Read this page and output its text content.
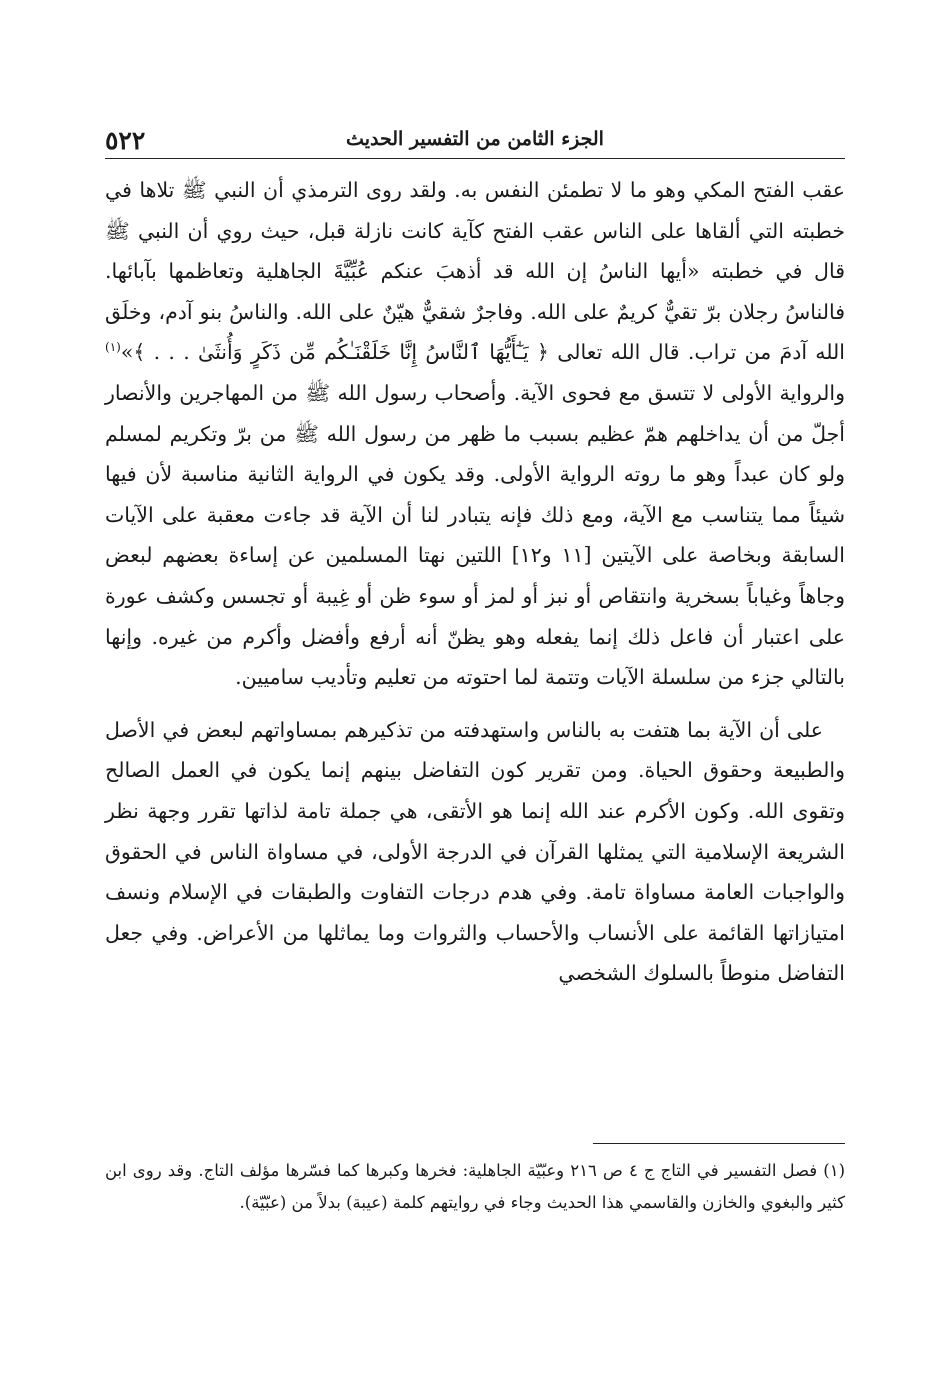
٥٢٢	الجزء الثامن من التفسير الحديث

عقب الفتح المكي وهو ما لا تطمئن النفس به. ولقد روى الترمذي أن النبي ﷺ تلاها في خطبته التي ألقاها على الناس عقب الفتح كآية كانت نازلة قبل، حيث روي أن النبي ﷺ قال في خطبته «أيها الناسُ إن الله قد أذهبَ عنكم عُبِّيَّةَ الجاهلية وتعاظمها بآبائها. فالناسُ رجلان برّ تقيٌّ كريمٌ على الله. وفاجرٌ شقيٌّ هيّنٌ على الله. والناسُ بنو آدم، وخلَق الله آدمَ من تراب. قال الله تعالى ﴿ يَـٰٓأَيُّهَا ٱلنَّاسُ إِنَّا خَلَقْنَـٰكُم مِّن ذَكَرٍ وَأُنثَىٰ . . . ﴾»$^{(١)}$ والرواية الأولى لا تتسق مع فحوى الآية. وأصحاب رسول الله ﷺ من المهاجرين والأنصار أجلّ من أن يداخلهم همّ عظيم بسبب ما ظهر من رسول الله ﷺ من برّ وتكريم لمسلم ولو كان عبداً وهو ما روته الرواية الأولى. وقد يكون في الرواية الثانية مناسبة لأن فيها شيئاً مما يتناسب مع الآية، ومع ذلك فإنه يتبادر لنا أن الآية قد جاءت معقبة على الآيات السابقة وبخاصة على الآيتين [١١ و١٢] اللتين نهتا المسلمين عن إساءة بعضهم لبعض وجاهاً وغياباً بسخرية وانتقاص أو نبز أو لمز أو سوء ظن أو غِيبة أو تجسس وكشف عورة على اعتبار أن فاعل ذلك إنما يفعله وهو يظنّ أنه أرفع وأفضل وأكرم من غيره. وإنها بالتالي جزء من سلسلة الآيات وتتمة لما احتوته من تعليم وتأديب ساميين.

على أن الآية بما هتفت به بالناس واستهدفته من تذكيرهم بمساواتهم لبعض في الأصل والطبيعة وحقوق الحياة. ومن تقرير كون التفاضل بينهم إنما يكون في العمل الصالح وتقوى الله. وكون الأكرم عند الله إنما هو الأتقى، هي جملة تامة لذاتها تقرر وجهة نظر الشريعة الإسلامية التي يمثلها القرآن في الدرجة الأولى، في مساواة الناس في الحقوق والواجبات العامة مساواة تامة. وفي هدم درجات التفاوت والطبقات في الإسلام ونسف امتيازاتها القائمة على الأنساب والأحساب والثروات وما يماثلها من الأعراض. وفي جعل التفاضل منوطاً بالسلوك الشخصي

(١) فصل التفسير في التاج ج ٤ ص ٢١٦ وعبّيّة الجاهلية: فخرها وكبرها كما فسّرها مؤلف التاج. وقد روى ابن كثير والبغوي والخازن والقاسمي هذا الحديث وجاء في روايتهم كلمة (عيبة) بدلاً من (عبّيّة).
